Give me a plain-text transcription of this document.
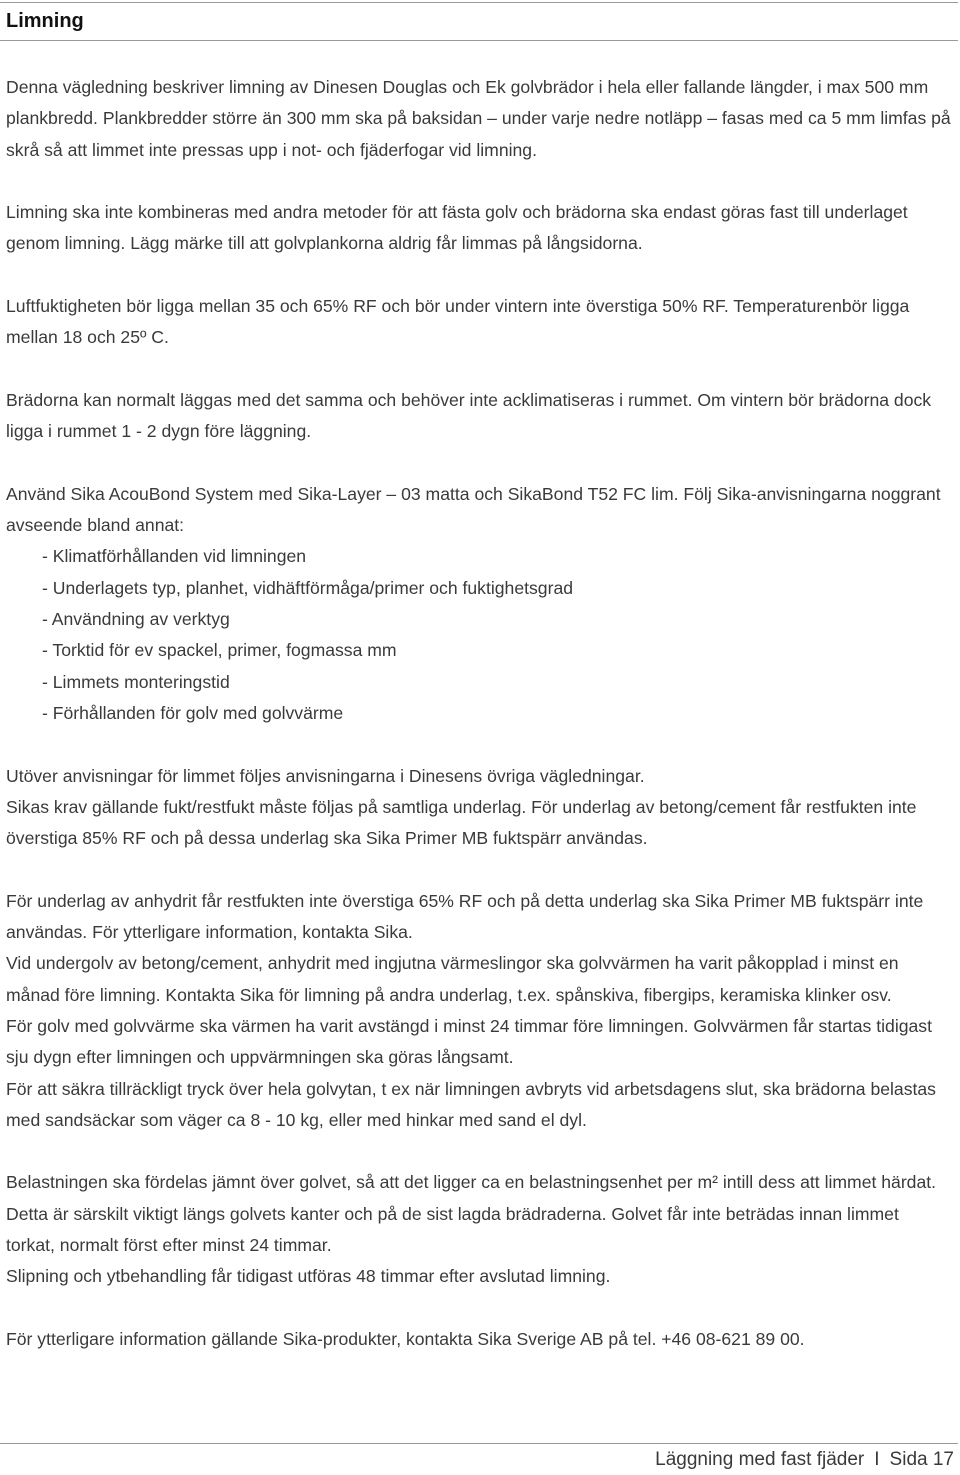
Limning

Denna vägledning beskriver limning av Dinesen Douglas och Ek golvbrädor i hela eller fallande längder, i max 500 mm plankbredd. Plankbredder större än 300 mm ska på baksidan – under varje nedre notläpp – fasas med ca 5 mm limfas på skrå så att limmet inte pressas upp i not- och fjäderfogar vid limning.

Limning ska inte kombineras med andra metoder för att fästa golv och brädorna ska endast göras fast till underlaget genom limning. Lägg märke till att golvplankorna aldrig får limmas på långsidorna.

Luftfuktigheten bör ligga mellan 35 och 65% RF och bör under vintern inte överstiga 50% RF. Temperaturenbör ligga mellan 18 och 25º C.

Brädorna kan normalt läggas med det samma och behöver inte acklimatiseras i rummet. Om vintern bör brädorna dock ligga i rummet 1 - 2 dygn före läggning.

Använd Sika AcouBond System med Sika-Layer – 03 matta och SikaBond T52 FC lim. Följ Sika-anvisningarna noggrant avseende bland annat:

- Klimatförhållanden vid limningen
- Underlagets typ, planhet, vidhäftförmåga/primer och fuktighetsgrad
- Användning av verktyg
- Torktid för ev spackel, primer, fogmassa mm
- Limmets monteringstid
- Förhållanden för golv med golvvärme

Utöver anvisningar för limmet följes anvisningarna i Dinesens övriga vägledningar.

Sikas krav gällande fukt/restfukt måste följas på samtliga underlag. För underlag av betong/cement får restfukten inte överstiga 85% RF och på dessa underlag ska Sika Primer MB fuktspärr användas.

För underlag av anhydrit får restfukten inte överstiga 65% RF och på detta underlag ska Sika Primer MB fuktspärr inte användas. För ytterligare information, kontakta Sika.

Vid undergolv av betong/cement, anhydrit med ingjutna värmeslingor ska golvvärmen ha varit påkopplad i minst en månad före limning. Kontakta Sika för limning på andra underlag, t.ex. spånskiva, fibergips, keramiska klinker osv.

För golv med golvvärme ska värmen ha varit avstängd i minst 24 timmar före limningen. Golvvärmen får startas tidigast sju dygn efter limningen och uppvärmningen ska göras långsamt.

För att säkra tillräckligt tryck över hela golvytan, t ex när limningen avbryts vid arbetsdagens slut, ska brädorna belastas med sandsäckar som väger ca 8 - 10 kg, eller med hinkar med sand el dyl.

Belastningen ska fördelas jämnt över golvet, så att det ligger ca en belastningsenhet per m² intill dess att limmet härdat. Detta är särskilt viktigt längs golvets kanter och på de sist lagda brädraderna. Golvet får inte beträdas innan limmet torkat, normalt först efter minst 24 timmar.

Slipning och ytbehandling får tidigast utföras 48 timmar efter avslutad limning.

För ytterligare information gällande Sika-produkter, kontakta Sika Sverige AB på tel. +46 08-621 89 00.

Läggning med fast fjäder I Sida 17
